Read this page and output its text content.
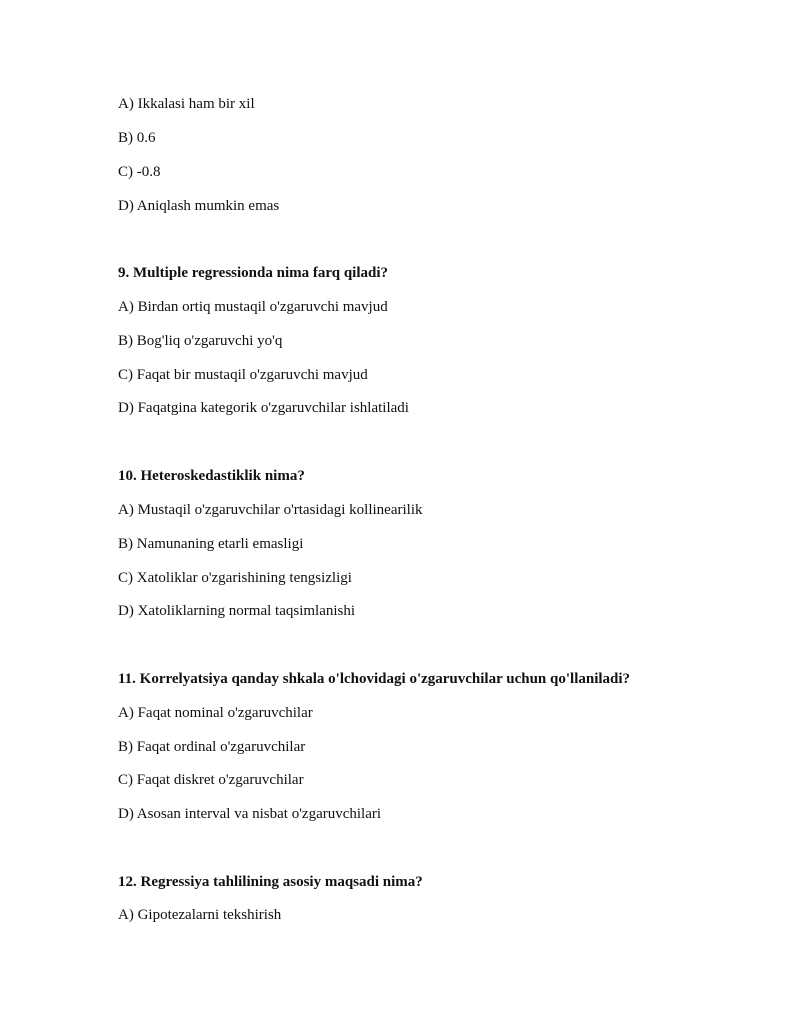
A) Ikkalasi ham bir xil
B) 0.6
C) -0.8
D) Aniqlash mumkin emas
9. Multiple regressionda nima farq qiladi?
A) Birdan ortiq mustaqil o'zgaruvchi mavjud
B) Bog'liq o'zgaruvchi yo'q
C) Faqat bir mustaqil o'zgaruvchi mavjud
D) Faqatgina kategorik o'zgaruvchilar ishlatiladi
10. Heteroskedastiklik nima?
A) Mustaqil o'zgaruvchilar o'rtasidagi kollinearilik
B) Namunaning etarli emasligi
C) Xatoliklar o'zgarishining tengsizligi
D) Xatoliklarning normal taqsimlanishi
11. Korrelyatsiya qanday shkala o'lchovidagi o'zgaruvchilar uchun qo'llaniladi?
A) Faqat nominal o'zgaruvchilar
B) Faqat ordinal o'zgaruvchilar
C) Faqat diskret o'zgaruvchilar
D) Asosan interval va nisbat o'zgaruvchilari
12. Regressiya tahlilining asosiy maqsadi nima?
A) Gipotezalarni tekshirish
